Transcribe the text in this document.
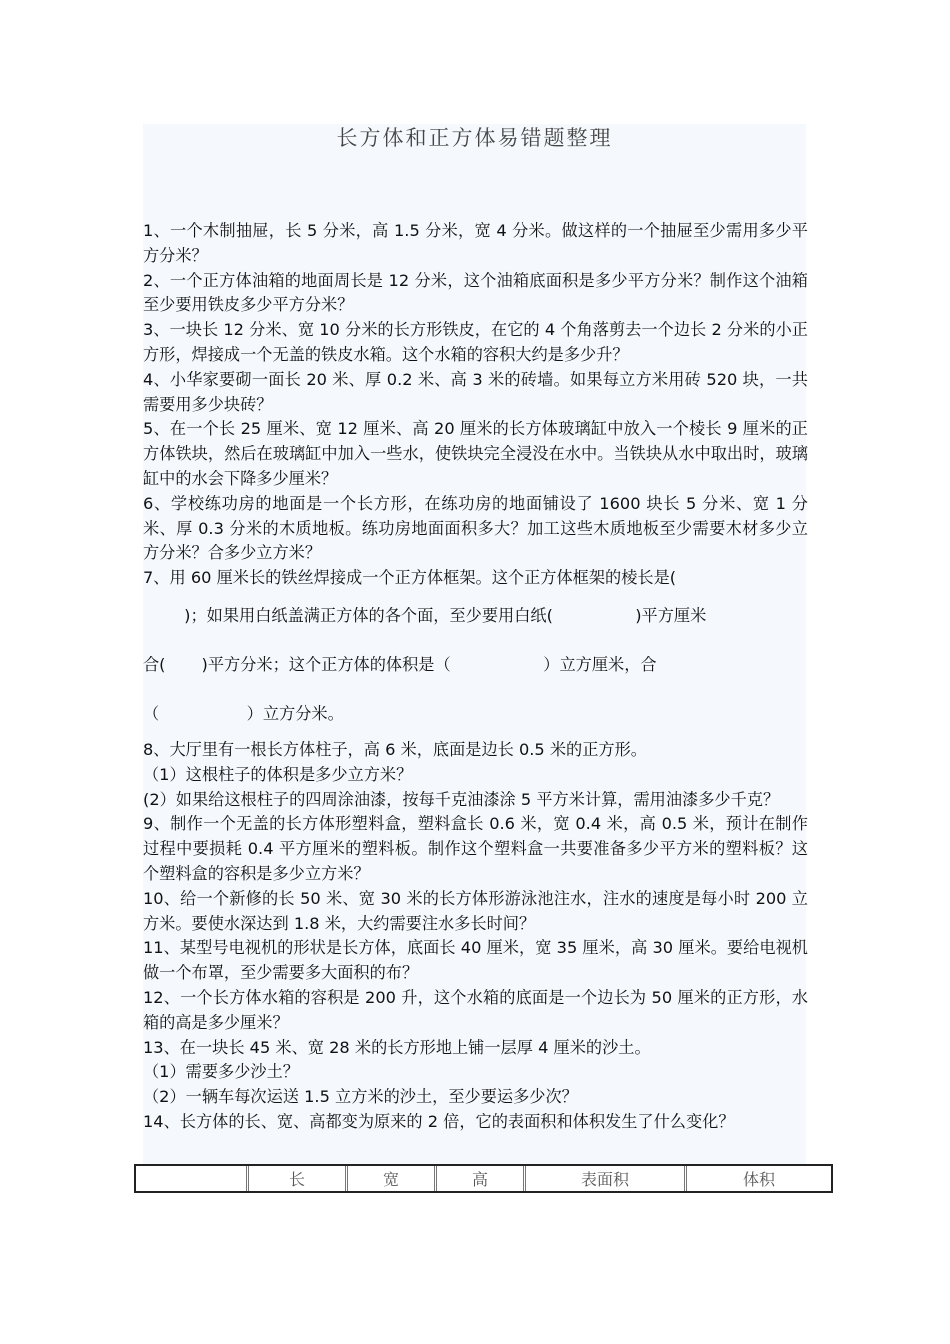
长方体和正方体易错题整理

1、一个木制抽屉，长 5 分米，高 1.5 分米，宽 4 分米。做这样的一个抽屉至少需用多少平方分米？

2、一个正方体油箱的地面周长是 12 分米，这个油箱底面积是多少平方分米？制作这个油箱至少要用铁皮多少平方分米？

3、一块长 12 分米、宽 10 分米的长方形铁皮，在它的 4 个角落剪去一个边长 2 分米的小正方形，焊接成一个无盖的铁皮水箱。这个水箱的容积大约是多少升？

4、小华家要砌一面长 20 米、厚 0.2 米、高 3 米的砖墙。如果每立方米用砖 520 块，一共需要用多少块砖？

5、在一个长 25 厘米、宽 12 厘米、高 20 厘米的长方体玻璃缸中放入一个棱长 9 厘米的正方体铁块，然后在玻璃缸中加入一些水，使铁块完全浸没在水中。当铁块从水中取出时，玻璃缸中的水会下降多少厘米？

6、学校练功房的地面是一个长方形，在练功房的地面铺设了 1600 块长 5 分米、宽 1 分米、厚 0.3 分米的木质地板。练功房地面面积多大？加工这些木质地板至少需要木材多少立方分米？合多少立方米？

7、用 60 厘米长的铁丝焊接成一个正方体框架。这个正方体框架的棱长是(

)；如果用白纸盖满正方体的各个面，至少要用白纸(                )平方厘米

合(       )平方分米；这个正方体的体积是（                  ）立方厘米，合

（                 ）立方分米。

8、大厅里有一根长方体柱子，高 6 米，底面是边长 0.5 米的正方形。

（1）这根柱子的体积是多少立方米？

(2）如果给这根柱子的四周涂油漆，按每千克油漆涂 5 平方米计算，需用油漆多少千克？

9、制作一个无盖的长方体形塑料盒，塑料盒长 0.6 米，宽 0.4 米，高 0.5 米，预计在制作过程中要损耗 0.4 平方厘米的塑料板。制作这个塑料盒一共要准备多少平方米的塑料板？这个塑料盒的容积是多少立方米？

10、给一个新修的长 50 米、宽 30 米的长方体形游泳池注水，注水的速度是每小时 200 立方米。要使水深达到 1.8 米，大约需要注水多长时间？

11、某型号电视机的形状是长方体，底面长 40 厘米，宽 35 厘米，高 30 厘米。要给电视机做一个布罩，至少需要多大面积的布？

12、一个长方体水箱的容积是 200 升，这个水箱的底面是一个边长为 50 厘米的正方形，水箱的高是多少厘米？

13、在一块长 45 米、宽 28 米的长方形地上铺一层厚 4 厘米的沙土。

（1）需要多少沙土？

（2）一辆车每次运送 1.5 立方米的沙土，至少要运多少次？

14、长方体的长、宽、高都变为原来的 2 倍，它的表面积和体积发生了什么变化？

	长	宽	高	表面积	体积
